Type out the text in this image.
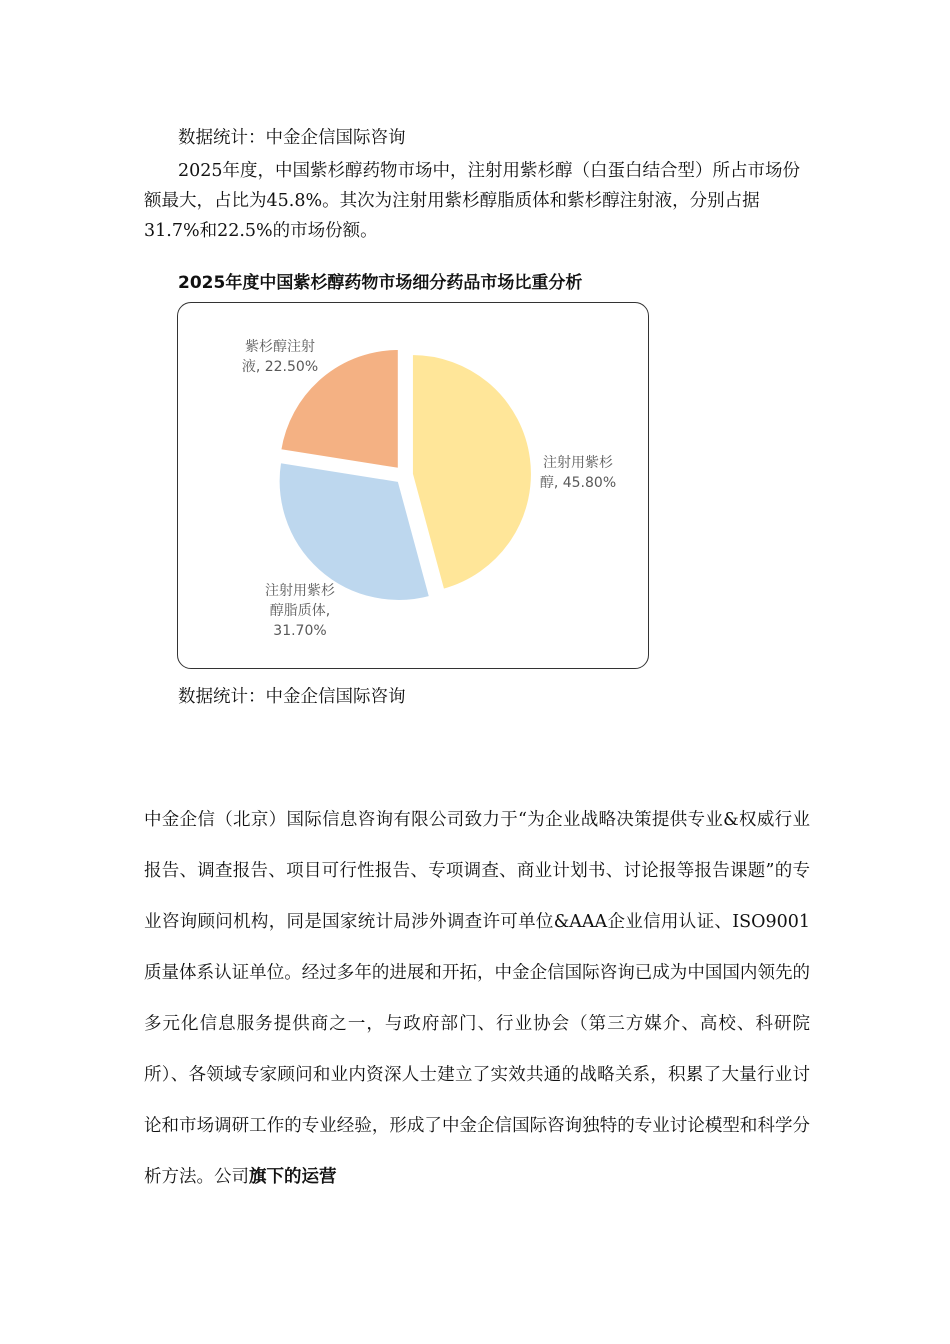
数据统计：中金企信国际咨询
2025年度，中国紫杉醇药物市场中，注射用紫杉醇（白蛋白结合型）所占市场份额最大，占比为45.8%。其次为注射用紫杉醇脂质体和紫杉醇注射液，分别占据31.7%和22.5%的市场份额。
2025年度中国紫杉醇药物市场细分药品市场比重分析
注射用紫杉
醇, 45.80%
注射用紫杉
醇脂质体,
31.70%
紫杉醇注射
液, 22.50%
数据统计：中金企信国际咨询
中金企信（北京）国际信息咨询有限公司致力于“为企业战略决策提供专业&权威行业报告、调查报告、项目可行性报告、专项调查、商业计划书、讨论报等报告课题”的专业咨询顾问机构，同是国家统计局涉外调查许可单位&AAA企业信用认证、ISO9001质量体系认证单位。经过多年的进展和开拓，中金企信国际咨询已成为中国国内领先的多元化信息服务提供商之一，与政府部门、行业协会（第三方媒介、高校、科研院所）、各领域专家顾问和业内资深人士建立了实效共通的战略关系，积累了大量行业讨论和市场调研工作的专业经验，形成了中金企信国际咨询独特的专业讨论模型和科学分析方法。公司旗下的运营
